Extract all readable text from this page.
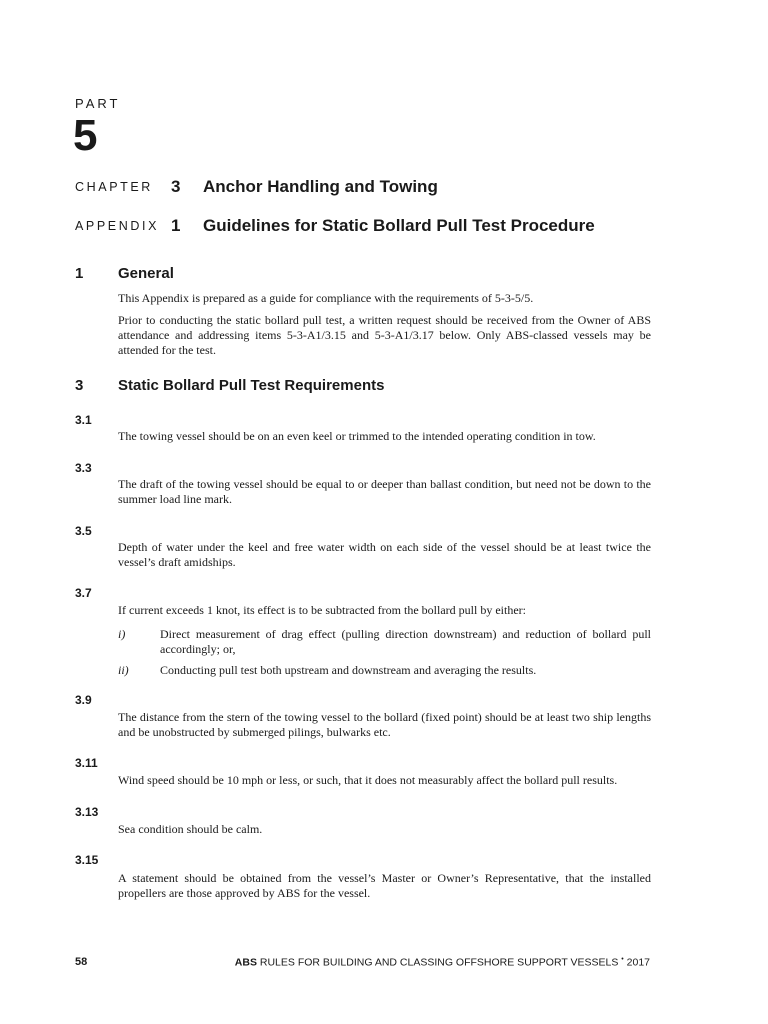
PART
5
CHAPTER 3 Anchor Handling and Towing
APPENDIX 1 Guidelines for Static Bollard Pull Test Procedure
1 General

This Appendix is prepared as a guide for compliance with the requirements of 5-3-5/5.

Prior to conducting the static bollard pull test, a written request should be received from the Owner of ABS attendance and addressing items 5-3-A1/3.15 and 5-3-A1/3.17 below. Only ABS-classed vessels may be attended for the test.

3 Static Bollard Pull Test Requirements
3.1

The towing vessel should be on an even keel or trimmed to the intended operating condition in tow.

3.3

The draft of the towing vessel should be equal to or deeper than ballast condition, but need not be down to the summer load line mark.

3.5

Depth of water under the keel and free water width on each side of the vessel should be at least twice the vessel’s draft amidships.

3.7

If current exceeds 1 knot, its effect is to be subtracted from the bollard pull by either:

i)	Direct measurement of drag effect (pulling direction downstream) and reduction of bollard pull accordingly; or,
ii)	Conducting pull test both upstream and downstream and averaging the results.
3.9

The distance from the stern of the towing vessel to the bollard (fixed point) should be at least two ship lengths and be unobstructed by submerged pilings, bulwarks etc.

3.11

Wind speed should be 10 mph or less, or such, that it does not measurably affect the bollard pull results.

3.13

Sea condition should be calm.

3.15

A statement should be obtained from the vessel’s Master or Owner’s Representative, that the installed propellers are those approved by ABS for the vessel.

58	ABS RULES FOR BUILDING AND CLASSING OFFSHORE SUPPORT VESSELS • 2017
